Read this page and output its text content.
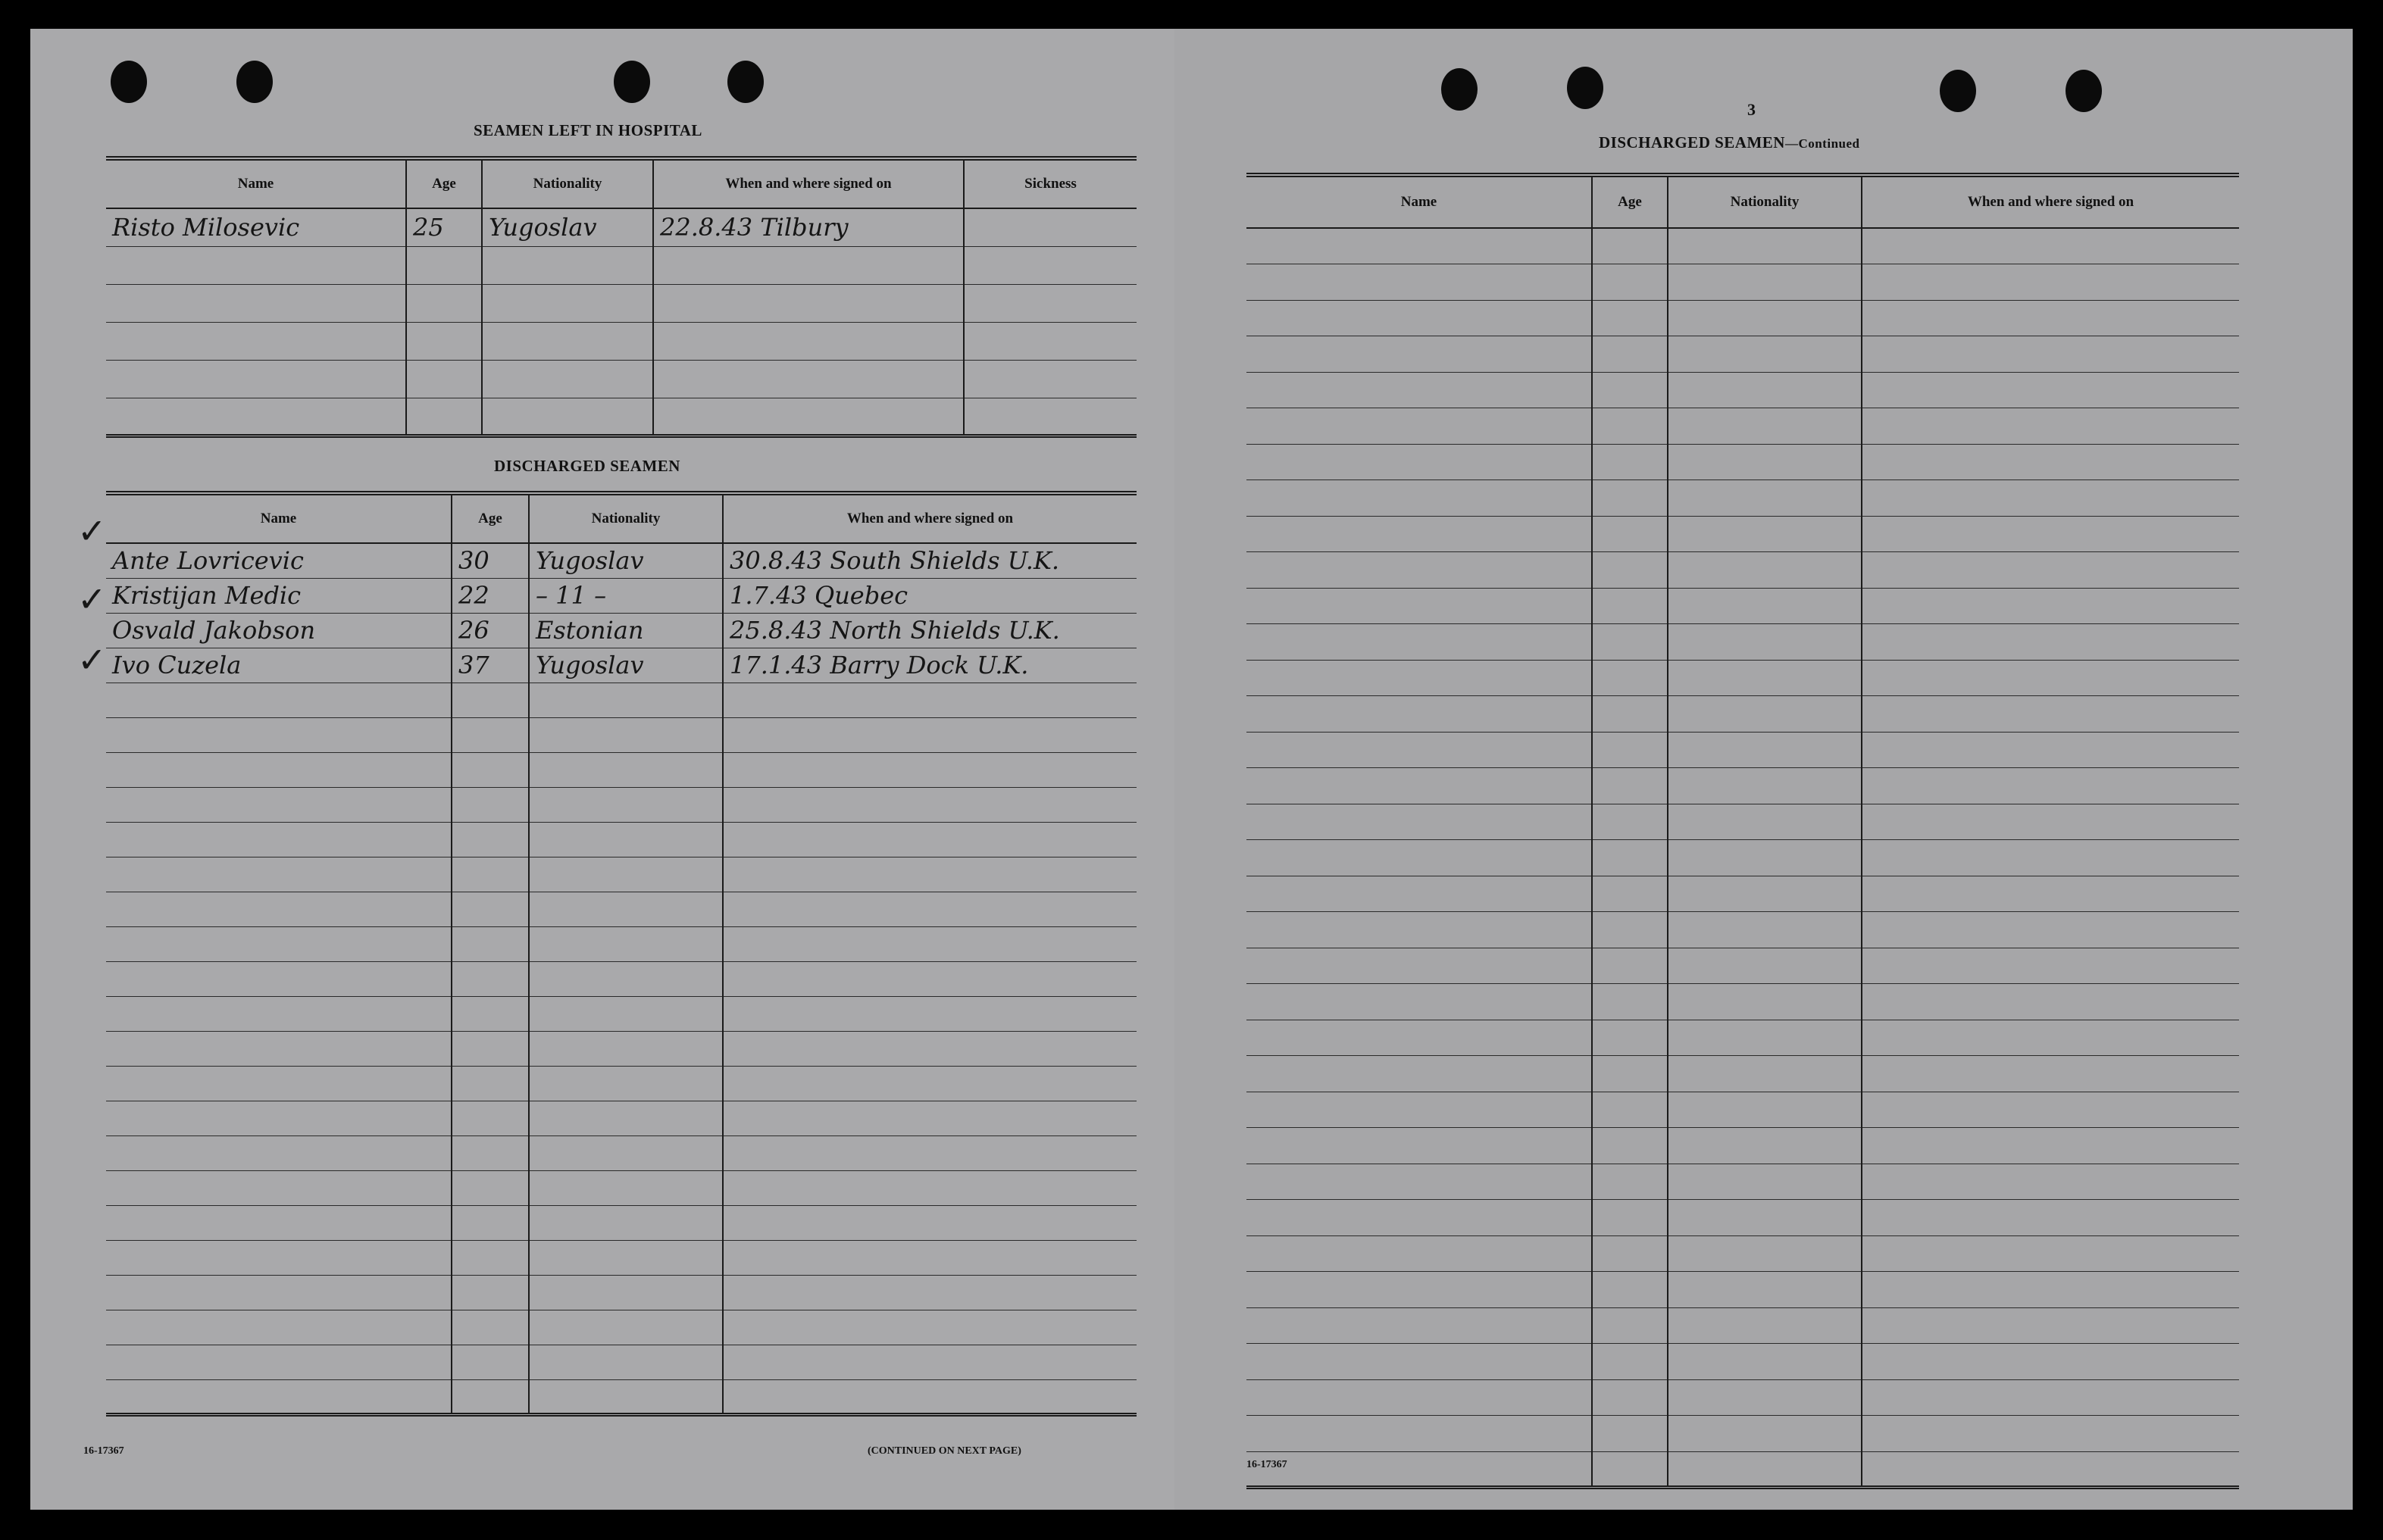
SEAMEN LEFT IN HOSPITAL
Name	Age	Nationality	When and where signed on	Sickness
Risto Milosevic	25	Yugoslav	22.8.43 Tilbury	

DISCHARGED SEAMEN
Name	Age	Nationality	When and where signed on
Ante Lovricevic	30	Yugoslav	30.8.43 South Shields U.K.
Kristijan Medic	22	– 11 –	1.7.43 Quebec
Osvald Jakobson	26	Estonian	25.8.43 North Shields U.K.
Ivo Cuzela	37	Yugoslav	17.1.43 Barry Dock U.K.

✓
✓
✓
16-17367	(CONTINUED ON NEXT PAGE)
3
DISCHARGED SEAMEN—Continued
Name	Age	Nationality	When and where signed on

16-17367
